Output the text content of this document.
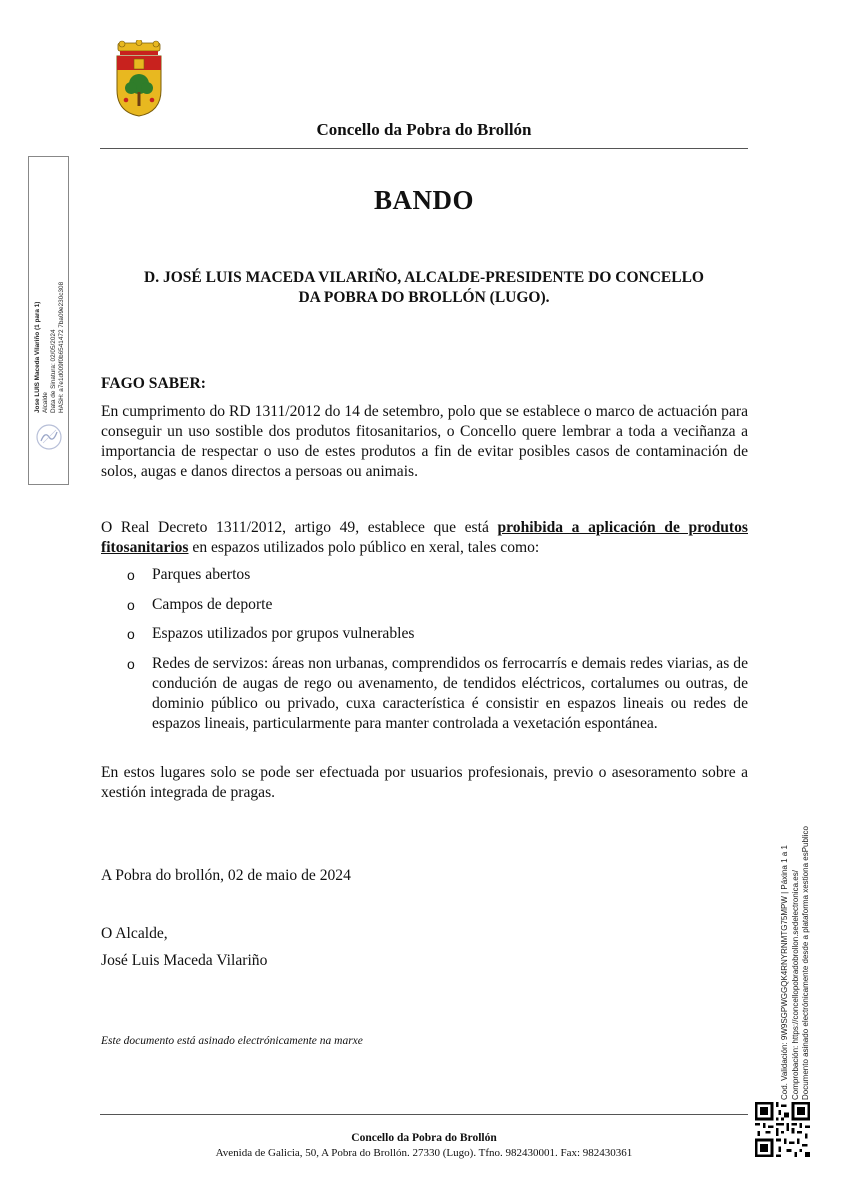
Concello da Pobra do Brollón
BANDO
D. JOSÉ LUIS MACEDA VILARIÑO, ALCALDE-PRESIDENTE DO CONCELLO
DA POBRA DO BROLLÓN (LUGO).
FAGO SABER:
En cumprimento do RD 1311/2012 do 14 de setembro, polo que se establece o marco de actuación para conseguir un uso sostible dos produtos fitosanitarios, o Concello quere lembrar a toda a veciñanza a importancia de respectar o uso de estes produtos a fin de evitar posibles casos de contaminación de solos, augas e danos directos a persoas ou animais.
O Real Decreto 1311/2012, artigo 49, establece que está prohibida a aplicación de produtos fitosanitarios en espazos utilizados polo público en xeral, tales como:
o Parques abertos
o Campos de deporte
o Espazos utilizados por grupos vulnerables
o Redes de servizos: áreas non urbanas, comprendidos os ferrocarrís e demais redes viarias, as de condución de augas de rego ou avenamento, de tendidos eléctricos, cortalumes ou outras, de dominio público ou privado, cuxa característica é consistir en espazos lineais ou redes de espazos lineais, particularmente para manter controlada a vexetación espontánea.
En estos lugares solo se pode ser efectuada por usuarios profesionais, previo o asesoramento sobre a xestión integrada de pragas.
A Pobra do brollón, 02 de maio de 2024
O Alcalde,
José Luis Maceda Vilariño
Este documento está asinado electrónicamente na marxe
Concello da Pobra do Brollón
Avenida de Galicia, 50, A Pobra do Brollón. 27330 (Lugo). Tfno. 982430001. Fax: 982430361
Jose LUIS Maceda Vilariño (1 para 1) Alcalde Data de Sinatura: 02/05/2024 HASH: a7e1d009f0b6541472 7ba09e230c308
Cod. Validación: 9W9SGPWGGQK4RNYRNMTG75MPW | Páxina 1 a 1 Comprobación: https://concellopobradobrollon.sedelectronica.es/ Documento asinado electrónicamente desde a plataforma xestiona esPublico
